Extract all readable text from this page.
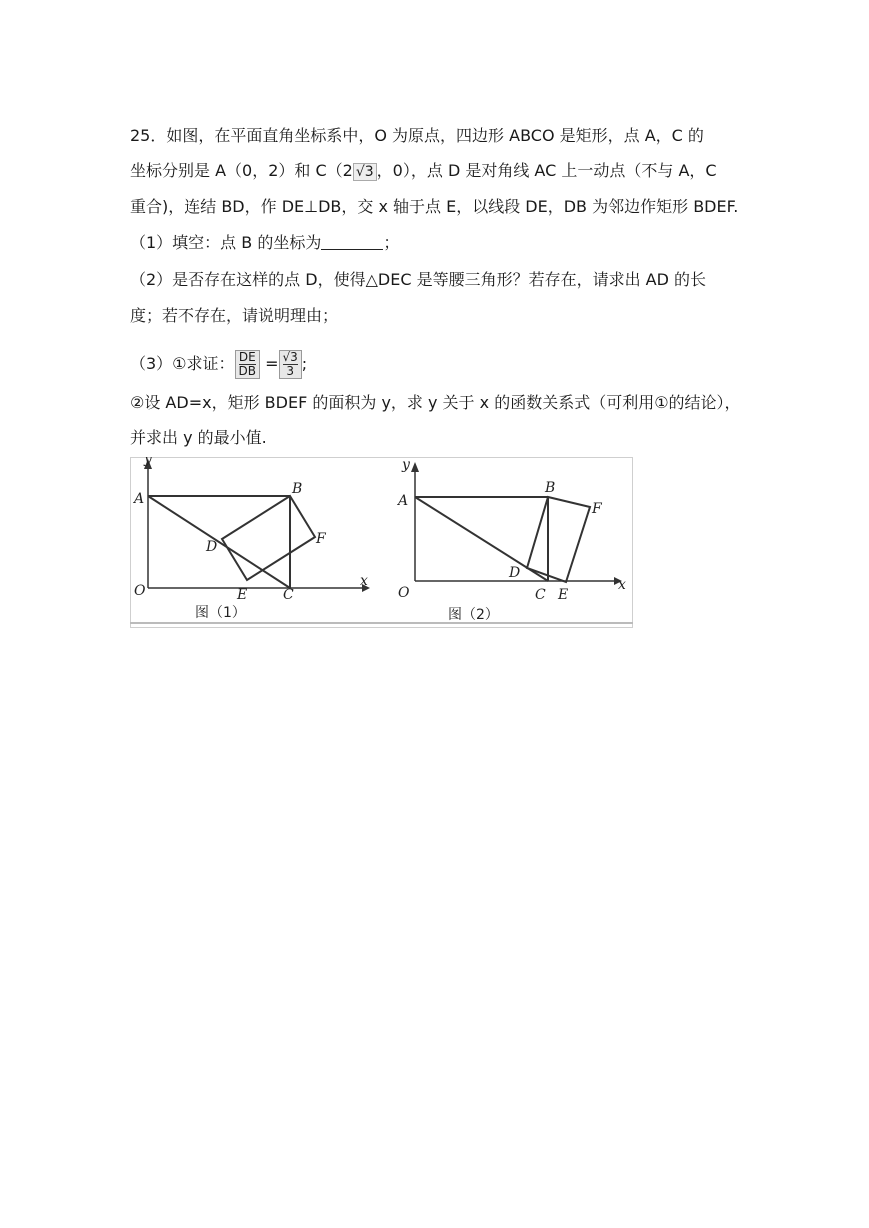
25．如图，在平面直角坐标系中，O 为原点，四边形 ABCO 是矩形，点 A，C 的
坐标分别是 A（0，2）和 C（2 √3 ，0），点 D 是对角线 AC 上一动点（不与 A，C
重合)，连结 BD，作 DE⊥DB，交 x 轴于点 E，以线段 DE，DB 为邻边作矩形 BDEF.
（1）填空：点 B 的坐标为	；
（2）是否存在这样的点 D，使得△DEC 是等腰三角形？若存在，请求出 AD 的长
度；若不存在，请说明理由；
（3）①求证： $\frac{DE}{DB} = \frac{√3}{3}$ ;
②设 AD=x，矩形 BDEF 的面积为 y，求 y 关于 x 的函数关系式（可利用①的结论），
并求出 y 的最小值.
y
x
O
A
B
C
D
E
F
图（1）
y
x
O
A
B
C
D
E
F
图（2）
